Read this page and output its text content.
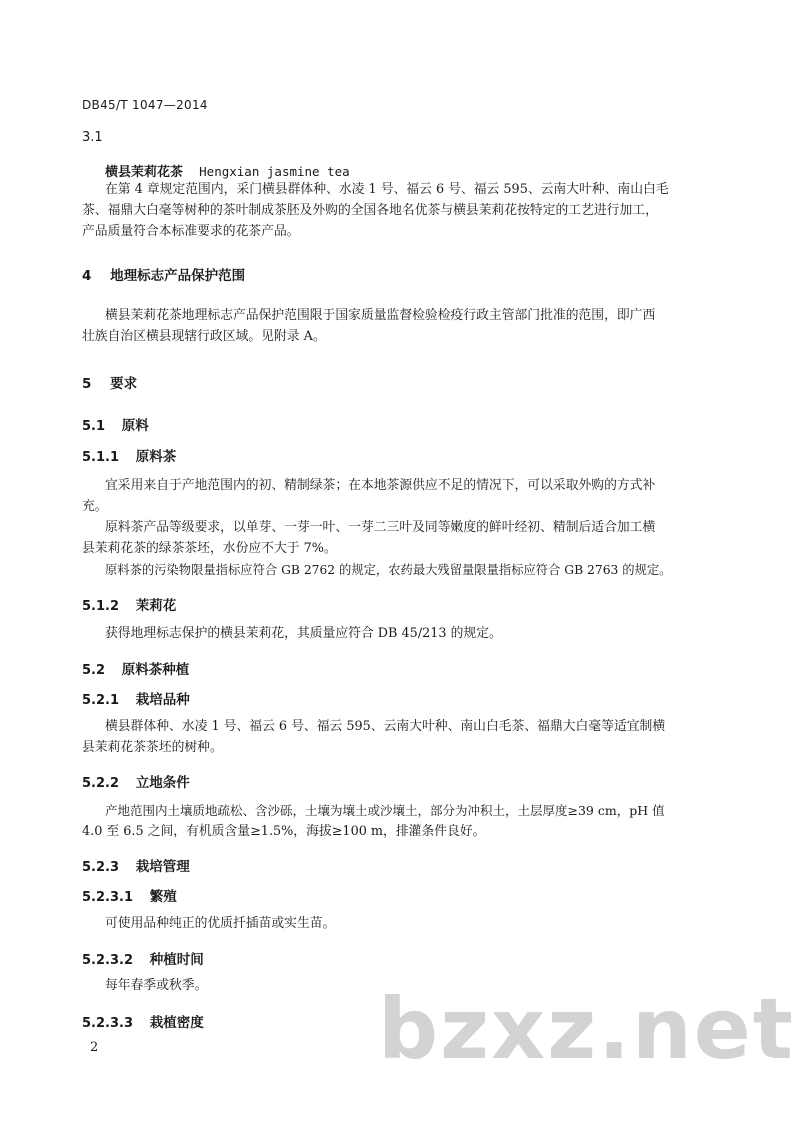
DB45/T 1047—2014
3.1
横县茉莉花茶 Hengxian jasmine tea
在第 4 章规定范围内，采门横县群体种、水凌 1 号、福云 6 号、福云 595、云南大叶种、南山白毛
茶、福鼎大白毫等树种的茶叶制成茶胚及外购的全国各地名优茶与横县茉莉花按特定的工艺进行加工，
产品质量符合本标准要求的花茶产品。
4 地理标志产品保护范围
横县茉莉花茶地理标志产品保护范围限于国家质量监督检验检疫行政主管部门批准的范围，即广西
壮族自治区横县现辖行政区域。见附录 A。
5 要求
5.1 原料
5.1.1 原料茶
宜采用来自于产地范围内的初、精制绿茶；在本地茶源供应不足的情况下，可以采取外购的方式补
充。
原料茶产品等级要求，以单芽、一芽一叶、一芽二三叶及同等嫩度的鲜叶经初、精制后适合加工横
县茉莉花茶的绿茶茶坯，水份应不大于 7%。
原料茶的污染物限量指标应符合 GB 2762 的规定，农药最大残留量限量指标应符合 GB 2763 的规定。
5.1.2 茉莉花
获得地理标志保护的横县茉莉花，其质量应符合 DB 45/213 的规定。
5.2 原料茶种植
5.2.1 栽培品种
横县群体种、水凌 1 号、福云 6 号、福云 595、云南大叶种、南山白毛茶、福鼎大白毫等适宜制横
县茉莉花茶茶坯的树种。
5.2.2 立地条件
产地范围内土壤质地疏松、含沙砾，土壤为壤土或沙壤土，部分为冲积土，土层厚度≥39 cm，pH 值
4.0 至 6.5 之间，有机质含量≥1.5%，海拔≥100 m，排灌条件良好。
5.2.3 栽培管理
5.2.3.1 繁殖
可使用品种纯正的优质扦插苗或实生苗。
5.2.3.2 种植时间
每年春季或秋季。
5.2.3.3 栽植密度
2	bzxz.net
